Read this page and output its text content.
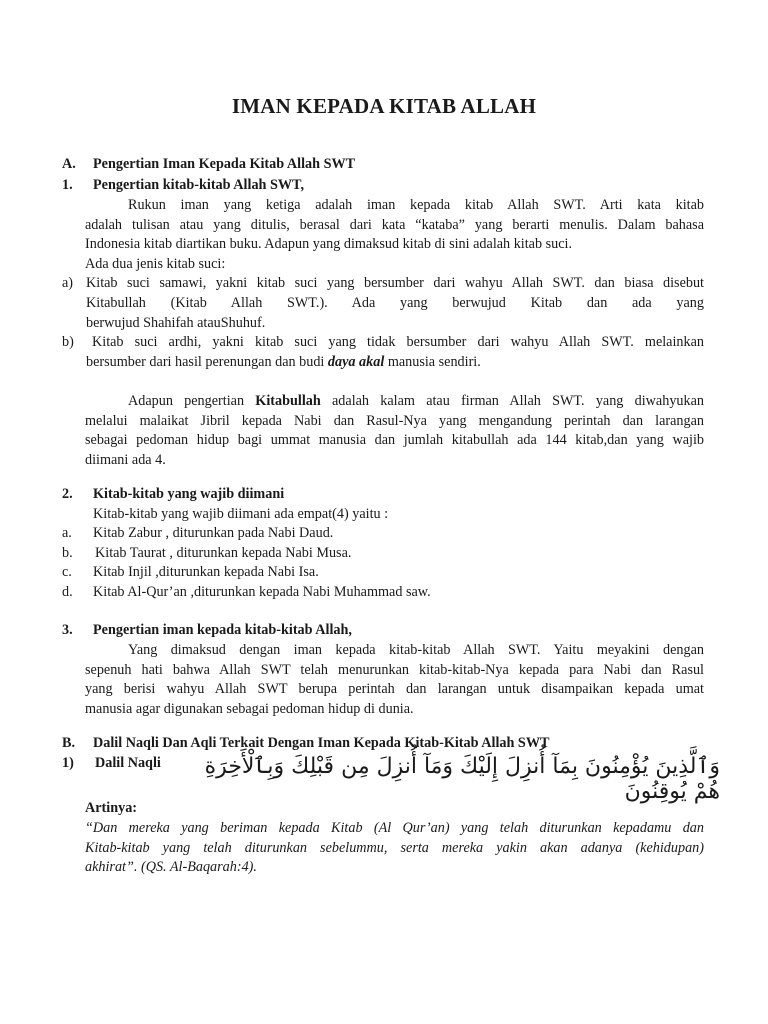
IMAN KEPADA KITAB ALLAH
A. Pengertian Iman Kepada Kitab Allah SWT
1. Pengertian kitab-kitab Allah SWT,
Rukun iman yang ketiga adalah iman kepada kitab Allah SWT. Arti kata kitab
adalah tulisan atau yang ditulis, berasal dari kata “kataba” yang berarti menulis. Dalam bahasa
Indonesia kitab diartikan buku. Adapun yang dimaksud kitab di sini adalah kitab suci.
Ada dua jenis kitab suci:
a) Kitab suci samawi, yakni kitab suci yang bersumber dari wahyu Allah SWT. dan biasa disebut
Kitabullah (Kitab Allah SWT.). Ada yang berwujud Kitab dan ada yang
berwujud Shahifah atauShuhuf.
b) Kitab suci ardhi, yakni kitab suci yang tidak bersumber dari wahyu Allah SWT. melainkan
bersumber dari hasil perenungan dan budi daya akal manusia sendiri.
Adapun pengertian Kitabullah adalah kalam atau firman Allah SWT. yang diwahyukan
melalui malaikat Jibril kepada Nabi dan Rasul-Nya yang mengandung perintah dan larangan
sebagai pedoman hidup bagi ummat manusia dan jumlah kitabullah ada 144 kitab,dan yang wajib
diimani ada 4.
2. Kitab-kitab yang wajib diimani
Kitab-kitab yang wajib diimani ada empat(4) yaitu :
a. Kitab Zabur , diturunkan pada Nabi Daud.
b. Kitab Taurat , diturunkan kepada Nabi Musa.
c. Kitab Injil ,diturunkan kepada Nabi Isa.
d. Kitab Al-Qur’an ,diturunkan kepada Nabi Muhammad saw.
3. Pengertian iman kepada kitab-kitab Allah,
Yang dimaksud dengan iman kepada kitab-kitab Allah SWT. Yaitu meyakini dengan
sepenuh hati bahwa Allah SWT telah menurunkan kitab-kitab-Nya kepada para Nabi dan Rasul
yang berisi wahyu Allah SWT berupa perintah dan larangan untuk disampaikan kepada umat
manusia agar digunakan sebagai pedoman hidup di dunia.
B. Dalil Naqli Dan Aqli Terkait Dengan Iman Kepada Kitab-Kitab Allah SWT
1) Dalil Naqli وَٱلَّذِينَ يُؤْمِنُونَ بِمَآ أُنزِلَ إِلَيْكَ وَمَآ أُنزِلَ مِن قَبْلِكَ وَبِٱلْأَخِرَةِ هُمْ يُوقِنُونَ
Artinya:
“Dan mereka yang beriman kepada Kitab (Al Qur’an) yang telah diturunkan kepadamu dan
Kitab-kitab yang telah diturunkan sebelummu, serta mereka yakin akan adanya (kehidupan)
akhirat”. (QS. Al-Baqarah:4).
